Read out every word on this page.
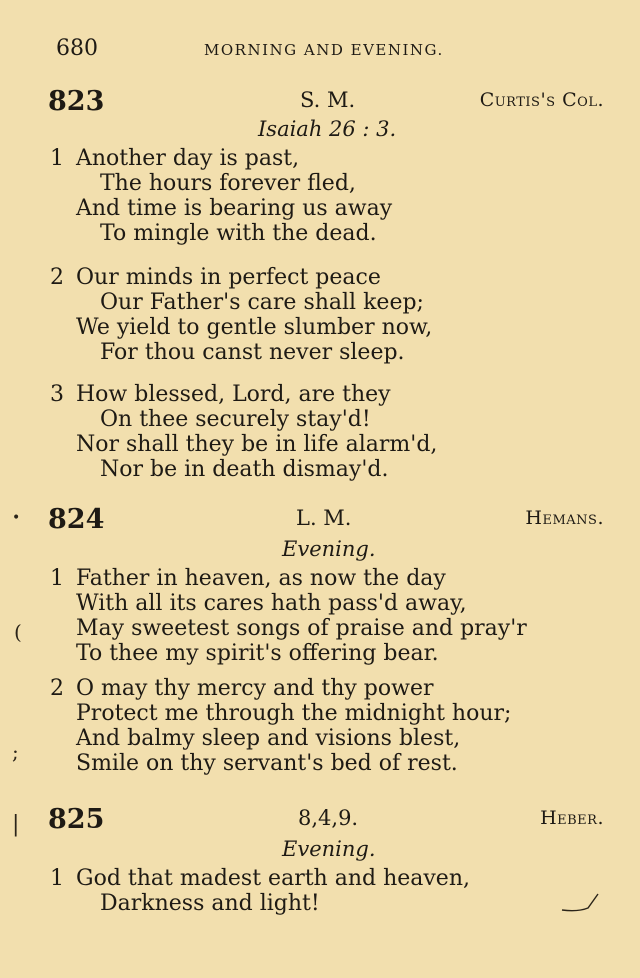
680	MORNING AND EVENING.
823	S. M.	Curtis's Col.
Isaiah 26 : 3.
1 Another day is past,
The hours forever fled,
And time is bearing us away
To mingle with the dead.
2 Our minds in perfect peace
Our Father's care shall keep;
We yield to gentle slumber now,
For thou canst never sleep.
3 How blessed, Lord, are they
On thee securely stay'd!
Nor shall they be in life alarm'd,
Nor be in death dismay'd.
824	L. M.	Hemans.
Evening.
1 Father in heaven, as now the day
With all its cares hath pass'd away,
May sweetest songs of praise and pray'r
To thee my spirit's offering bear.
2 O may thy mercy and thy power
Protect me through the midnight hour;
And balmy sleep and visions blest,
Smile on thy servant's bed of rest.
825	8,4,9.	Heber.
Evening.
1 God that madest earth and heaven,
Darkness and light!
•
(
;
|
